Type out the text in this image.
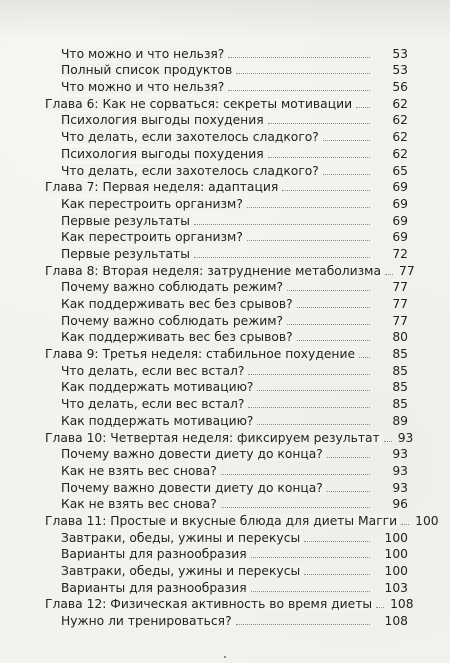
Что можно и что нельзя?	53
Полный список продуктов	53
Что можно и что нельзя?	56
Глава 6: Как не сорваться: секреты мотивации	62
Психология выгоды похудения	62
Что делать, если захотелось сладкого?	62
Психология выгоды похудения	62
Что делать, если захотелось сладкого?	65
Глава 7: Первая неделя: адаптация	69
Как перестроить организм?	69
Первые результаты	69
Как перестроить организм?	69
Первые результаты	72
Глава 8: Вторая неделя: затруднение метаболизма 77
Почему важно соблюдать режим?	77
Как поддерживать вес без срывов?	77
Почему важно соблюдать режим?	77
Как поддерживать вес без срывов?	80
Глава 9: Третья неделя: стабильное похудение	85
Что делать, если вес встал?	85
Как поддержать мотивацию?	85
Что делать, если вес встал?	85
Как поддержать мотивацию?	89
Глава 10: Четвертая неделя: фиксируем результат 93
Почему важно довести диету до конца?	93
Как не взять вес снова?	93
Почему важно довести диету до конца?	93
Как не взять вес снова?	96
Глава 11: Простые и вкусные блюда для диеты Магги 100
Завтраки, обеды, ужины и перекусы	100
Варианты для разнообразия	100
Завтраки, обеды, ужины и перекусы	100
Варианты для разнообразия	103
Глава 12: Физическая активность во время диеты 108
Нужно ли тренироваться?	108
